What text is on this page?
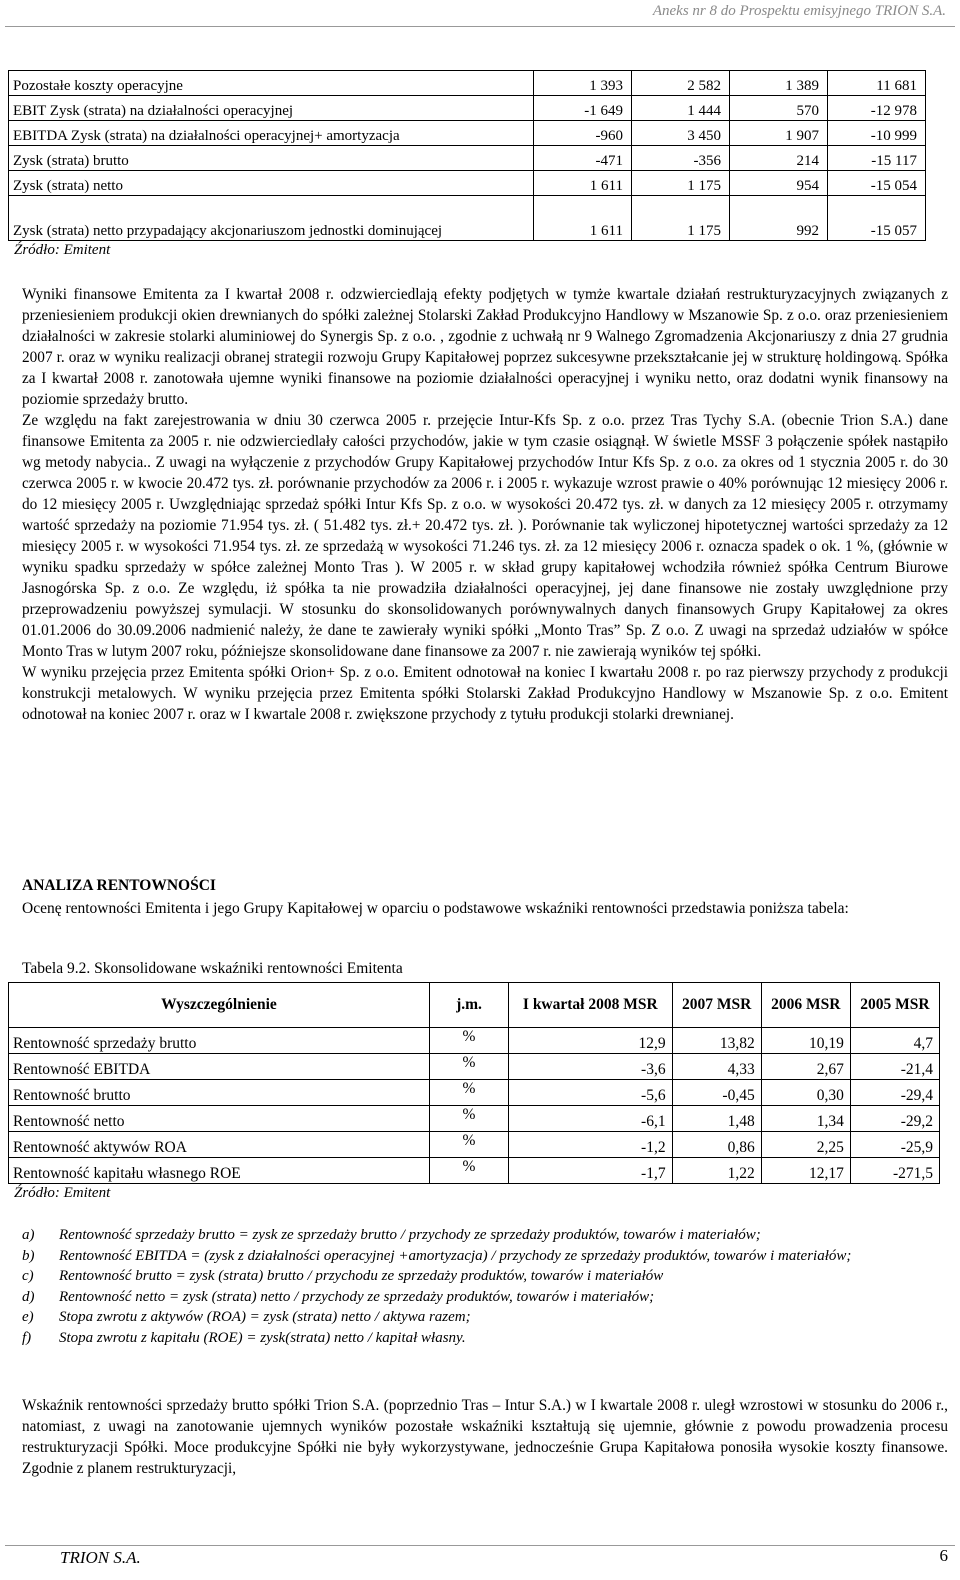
Aneks nr 8 do Prospektu emisyjnego TRION S.A.
Pozostałe koszty operacyjne	1 393	2 582	1 389	11 681
EBIT Zysk (strata) na działalności operacyjnej	-1 649	1 444	570	-12 978
EBITDA Zysk (strata) na działalności operacyjnej+ amortyzacja	-960	3 450	1 907	-10 999
Zysk (strata) brutto	-471	-356	214	-15 117
Zysk (strata) netto	1 611	1 175	954	-15 054
Zysk (strata) netto przypadający akcjonariuszom jednostki dominującej	1 611	1 175	992	-15 057
Źródło: Emitent

Wyniki finansowe Emitenta za I kwartał 2008 r. odzwierciedlają efekty podjętych w tymże kwartale działań restrukturyzacyjnych związanych z przeniesieniem produkcji okien drewnianych do spółki zależnej Stolarski Zakład Produkcyjno Handlowy w Mszanowie Sp. z o.o. oraz przeniesieniem działalności w zakresie stolarki aluminiowej do Synergis Sp. z o.o. , zgodnie z uchwałą nr 9 Walnego Zgromadzenia Akcjonariuszy z dnia 27 grudnia 2007 r. oraz w wyniku realizacji obranej strategii rozwoju Grupy Kapitałowej poprzez sukcesywne przekształcanie jej w strukturę holdingową. Spółka za I kwartał 2008 r. zanotowała ujemne wyniki finansowe na poziomie działalności operacyjnej i wyniku netto, oraz dodatni wynik finansowy na poziomie sprzedaży brutto.

Ze względu na fakt zarejestrowania w dniu 30 czerwca 2005 r. przejęcie Intur-Kfs Sp. z o.o. przez Tras Tychy S.A. (obecnie Trion S.A.) dane finansowe Emitenta za 2005 r. nie odzwierciedlały całości przychodów, jakie w tym czasie osiągnął. W świetle MSSF 3 połączenie spółek nastąpiło wg metody nabycia.. Z uwagi na wyłączenie z przychodów Grupy Kapitałowej przychodów Intur Kfs Sp. z o.o. za okres od 1 stycznia 2005 r. do 30 czerwca 2005 r. w kwocie 20.472 tys. zł. porównanie przychodów za 2006 r. i 2005 r. wykazuje wzrost prawie o 40% porównując 12 miesięcy 2006 r. do 12 miesięcy 2005 r. Uwzględniając sprzedaż spółki Intur Kfs Sp. z o.o. w wysokości 20.472 tys. zł. w danych za 12 miesięcy 2005 r. otrzymamy wartość sprzedaży na poziomie 71.954 tys. zł. ( 51.482 tys. zł.+ 20.472 tys. zł. ). Porównanie tak wyliczonej hipotetycznej wartości sprzedaży za 12 miesięcy 2005 r. w wysokości 71.954 tys. zł. ze sprzedażą w wysokości 71.246 tys. zł. za 12 miesięcy 2006 r. oznacza spadek o ok. 1 %, (głównie w wyniku spadku sprzedaży w spółce zależnej Monto Tras ). W 2005 r. w skład grupy kapitałowej wchodziła również spółka Centrum Biurowe Jasnogórska Sp. z o.o. Ze względu, iż spółka ta nie prowadziła działalności operacyjnej, jej dane finansowe nie zostały uwzględnione przy przeprowadzeniu powyższej symulacji. W stosunku do skonsolidowanych porównywalnych danych finansowych Grupy Kapitałowej za okres 01.01.2006 do 30.09.2006 nadmienić należy, że dane te zawierały wyniki spółki „Monto Tras” Sp. Z o.o. Z uwagi na sprzedaż udziałów w spółce Monto Tras w lutym 2007 roku, późniejsze skonsolidowane dane finansowe za 2007 r. nie zawierają wyników tej spółki.

W wyniku przejęcia przez Emitenta spółki Orion+ Sp. z o.o. Emitent odnotował na koniec I kwartału 2008 r. po raz pierwszy przychody z produkcji konstrukcji metalowych. W wyniku przejęcia przez Emitenta spółki Stolarski Zakład Produkcyjno Handlowy w Mszanowie Sp. z o.o. Emitent odnotował na koniec 2007 r. oraz w I kwartale 2008 r. zwiększone przychody z tytułu produkcji stolarki drewnianej.

ANALIZA RENTOWNOŚCI
Ocenę rentowności Emitenta i jego Grupy Kapitałowej w oparciu o podstawowe wskaźniki rentowności przedstawia poniższa tabela:
Tabela 9.2. Skonsolidowane wskaźniki rentowności Emitenta
Wyszczególnienie	j.m.	I kwartał 2008 MSR	2007 MSR	2006 MSR	2005 MSR
Rentowność sprzedaży brutto	%	12,9	13,82	10,19	4,7
Rentowność EBITDA	%	-3,6	4,33	2,67	-21,4
Rentowność brutto	%	-5,6	-0,45	0,30	-29,4
Rentowność netto	%	-6,1	1,48	1,34	-29,2
Rentowność aktywów ROA	%	-1,2	0,86	2,25	-25,9
Rentowność kapitału własnego ROE	%	-1,7	1,22	12,17	-271,5
Źródło: Emitent
a)	Rentowność sprzedaży brutto = zysk ze sprzedaży brutto / przychody ze sprzedaży produktów, towarów i materiałów;
b)	Rentowność EBITDA = (zysk z działalności operacyjnej +amortyzacja) / przychody ze sprzedaży produktów, towarów i materiałów;
c)	Rentowność brutto = zysk (strata) brutto / przychodu ze sprzedaży produktów, towarów i materiałów
d)	Rentowność netto = zysk (strata) netto / przychody ze sprzedaży produktów, towarów i materiałów;
e)	Stopa zwrotu z aktywów (ROA) = zysk (strata) netto / aktywa razem;
f)	Stopa zwrotu z kapitału (ROE) = zysk(strata) netto / kapitał własny.
Wskaźnik rentowności sprzedaży brutto spółki Trion S.A. (poprzednio Tras – Intur S.A.) w I kwartale 2008 r. uległ wzrostowi w stosunku do 2006 r., natomiast, z uwagi na zanotowanie ujemnych wyników pozostałe wskaźniki kształtują się ujemnie, głównie z powodu prowadzenia procesu restrukturyzacji Spółki. Moce produkcyjne Spółki nie były wykorzystywane, jednocześnie Grupa Kapitałowa ponosiła wysokie koszty finansowe. Zgodnie z planem restrukturyzacji,
TRION S.A.	6
